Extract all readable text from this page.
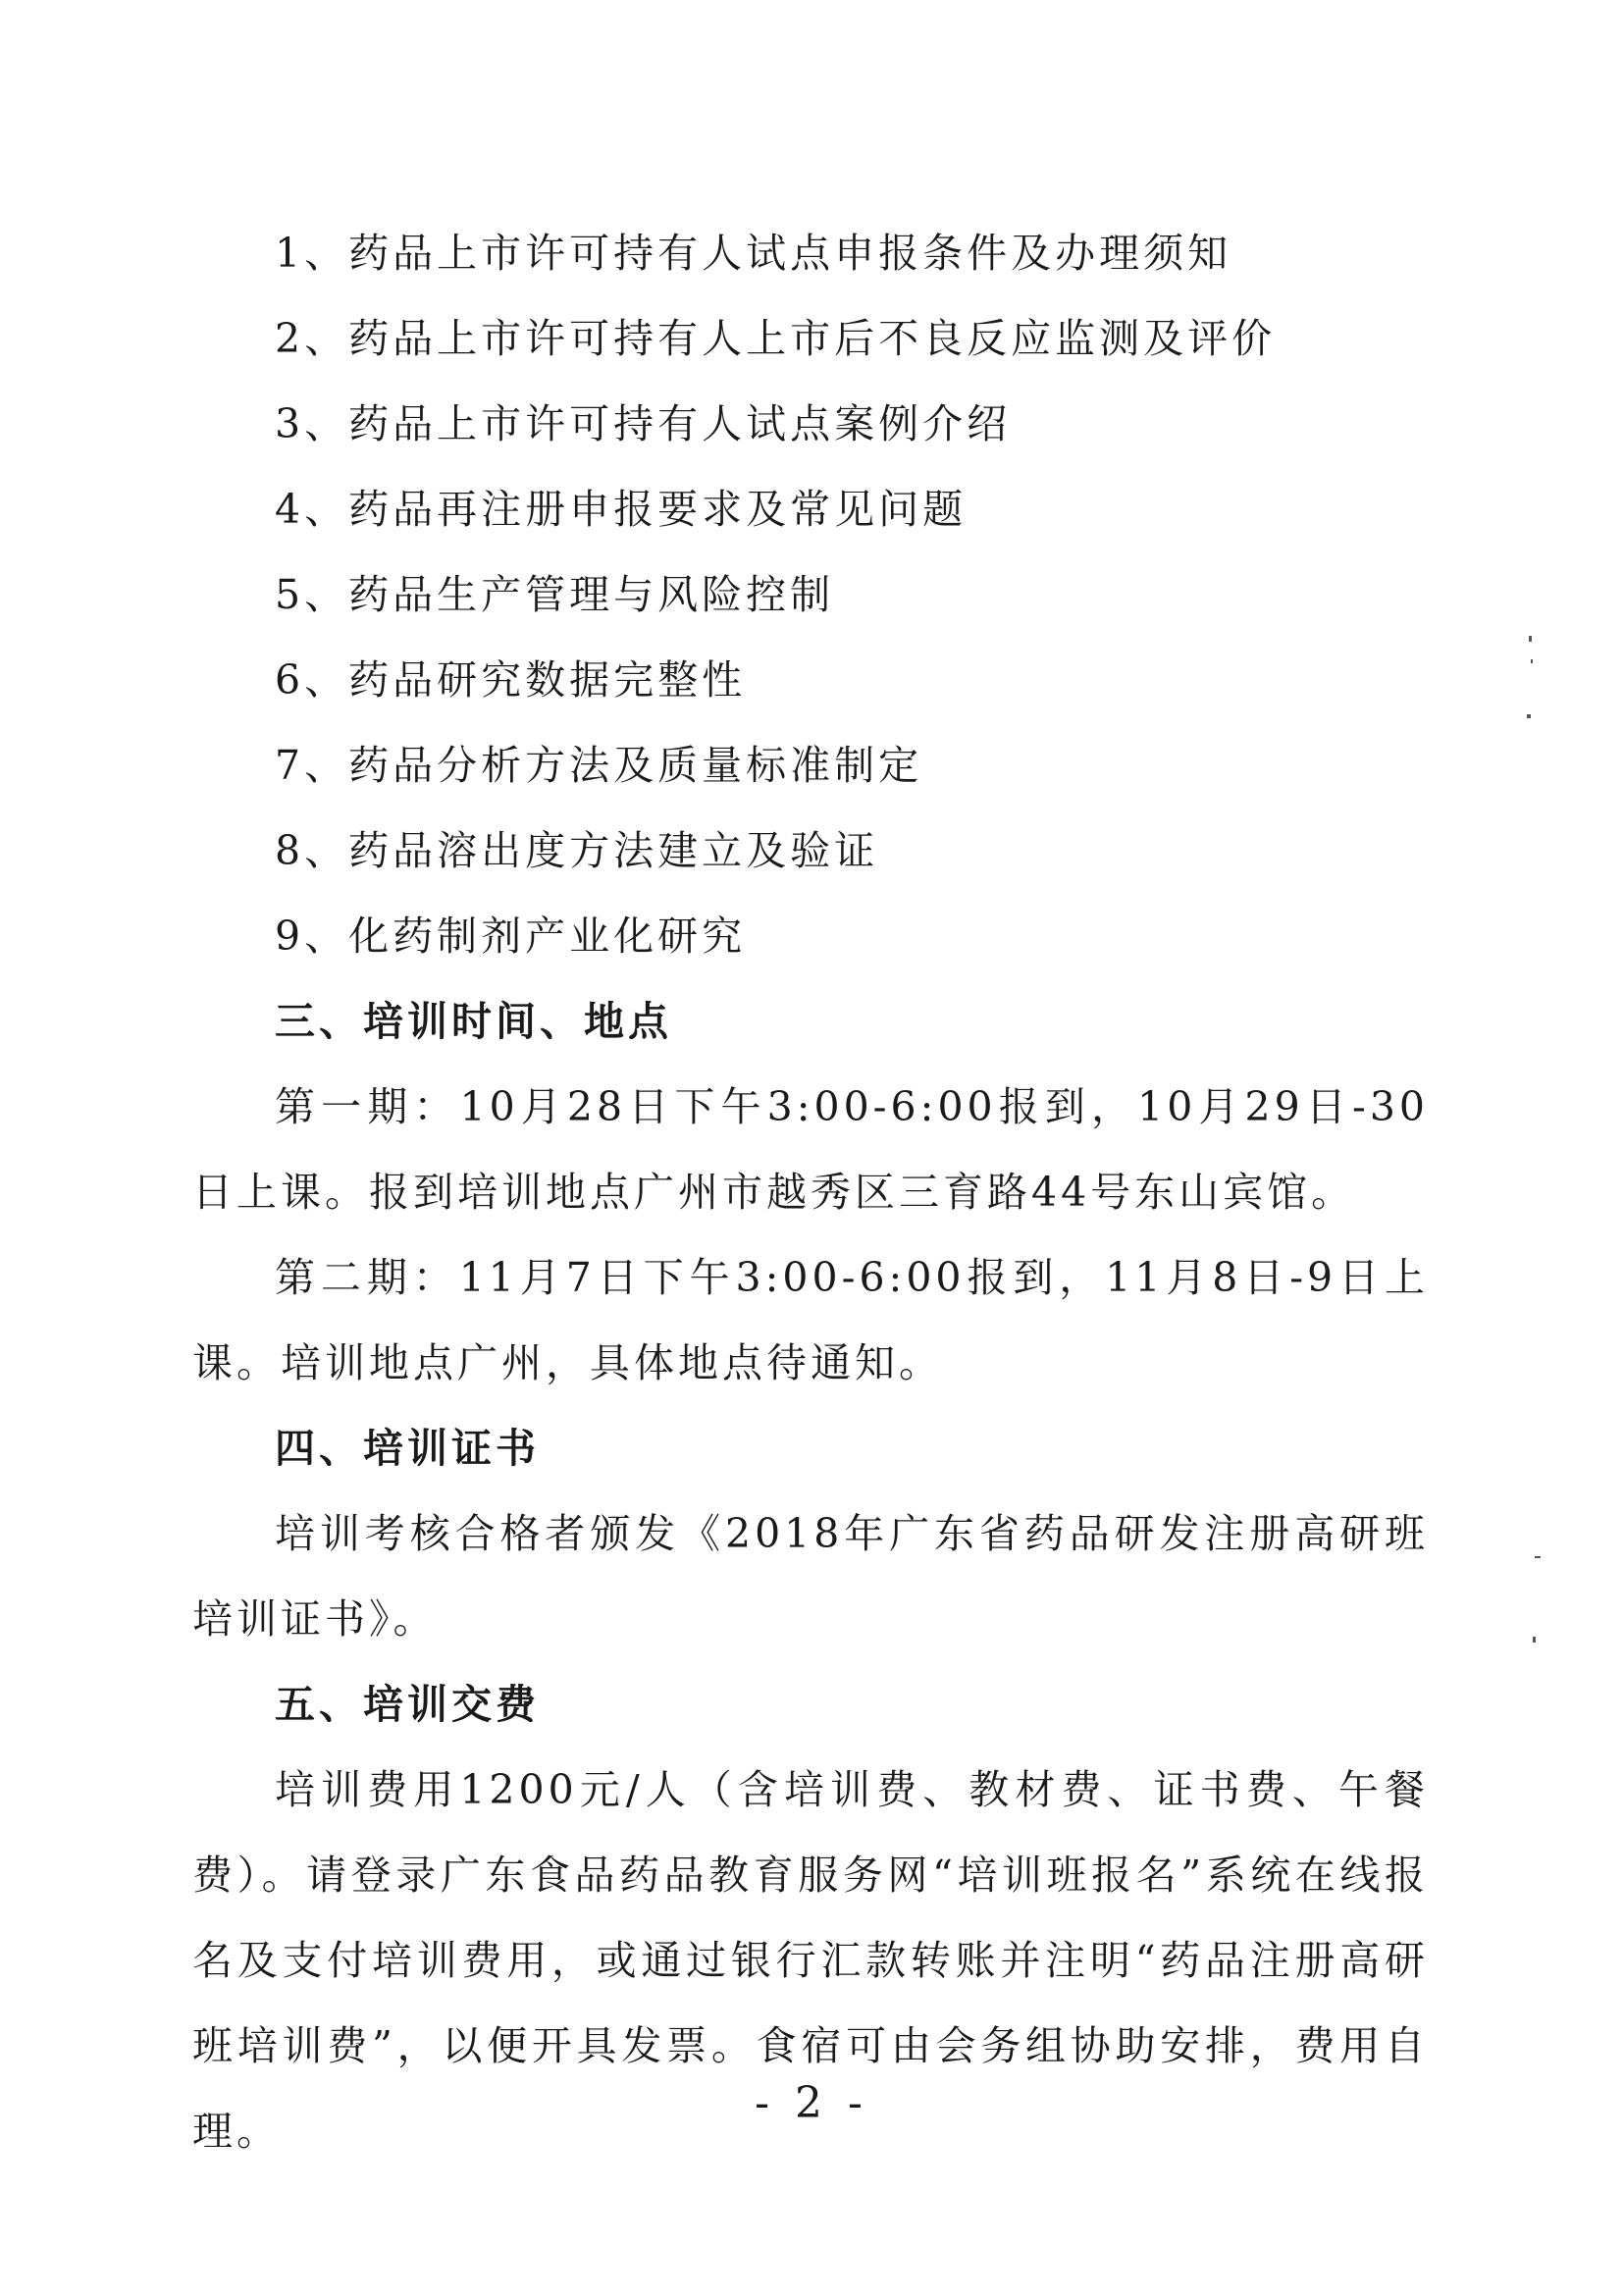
1、药品上市许可持有人试点申报条件及办理须知
2、药品上市许可持有人上市后不良反应监测及评价
3、药品上市许可持有人试点案例介绍
4、药品再注册申报要求及常见问题
5、药品生产管理与风险控制
6、药品研究数据完整性
7、药品分析方法及质量标准制定
8、药品溶出度方法建立及验证
9、化药制剂产业化研究
三、培训时间、地点
第一期：10月28日下午3:00-6:00报到，10月29日-30日上课。报到培训地点广州市越秀区三育路44号东山宾馆。
第二期：11月7日下午3:00-6:00报到，11月8日-9日上课。培训地点广州，具体地点待通知。
四、培训证书
培训考核合格者颁发《2018年广东省药品研发注册高研班培训证书》。
五、培训交费
培训费用1200元/人（含培训费、教材费、证书费、午餐费）。请登录广东食品药品教育服务网“培训班报名”系统在线报名及支付培训费用，或通过银行汇款转账并注明“药品注册高研班培训费”，以便开具发票。食宿可由会务组协助安排，费用自理。
- 2 -
